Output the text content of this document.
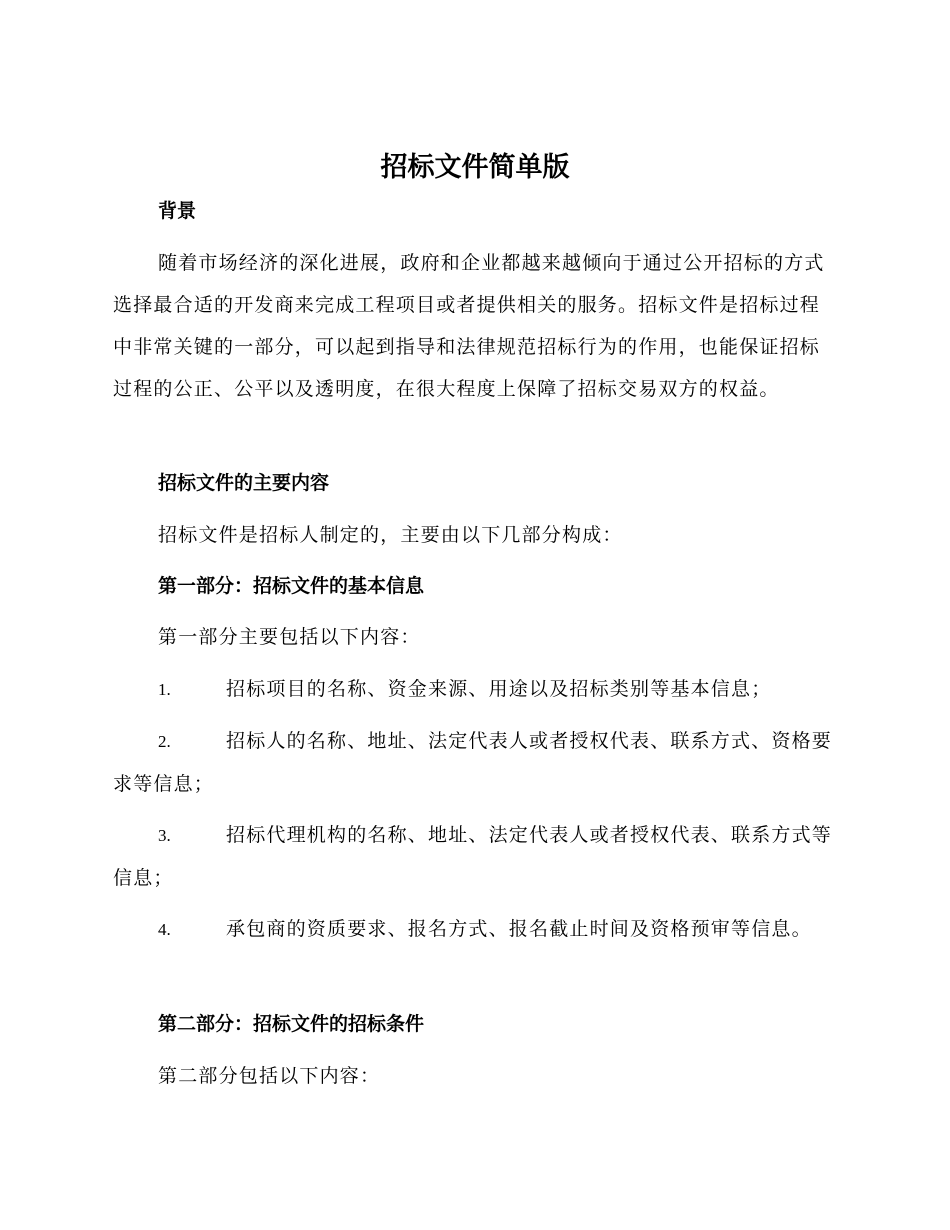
招标文件简单版
背景

随着市场经济的深化进展，政府和企业都越来越倾向于通过公开招标的方式选择最合适的开发商来完成工程项目或者提供相关的服务。招标文件是招标过程中非常关键的一部分，可以起到指导和法律规范招标行为的作用，也能保证招标过程的公正、公平以及透明度，在很大程度上保障了招标交易双方的权益。

招标文件的主要内容

招标文件是招标人制定的，主要由以下几部分构成：

第一部分：招标文件的基本信息

第一部分主要包括以下内容：

1.	招标项目的名称、资金来源、用途以及招标类别等基本信息；

2.	招标人的名称、地址、法定代表人或者授权代表、联系方式、资格要求等信息；

3.	招标代理机构的名称、地址、法定代表人或者授权代表、联系方式等信息；

4.	承包商的资质要求、报名方式、报名截止时间及资格预审等信息。

第二部分：招标文件的招标条件

第二部分包括以下内容：
